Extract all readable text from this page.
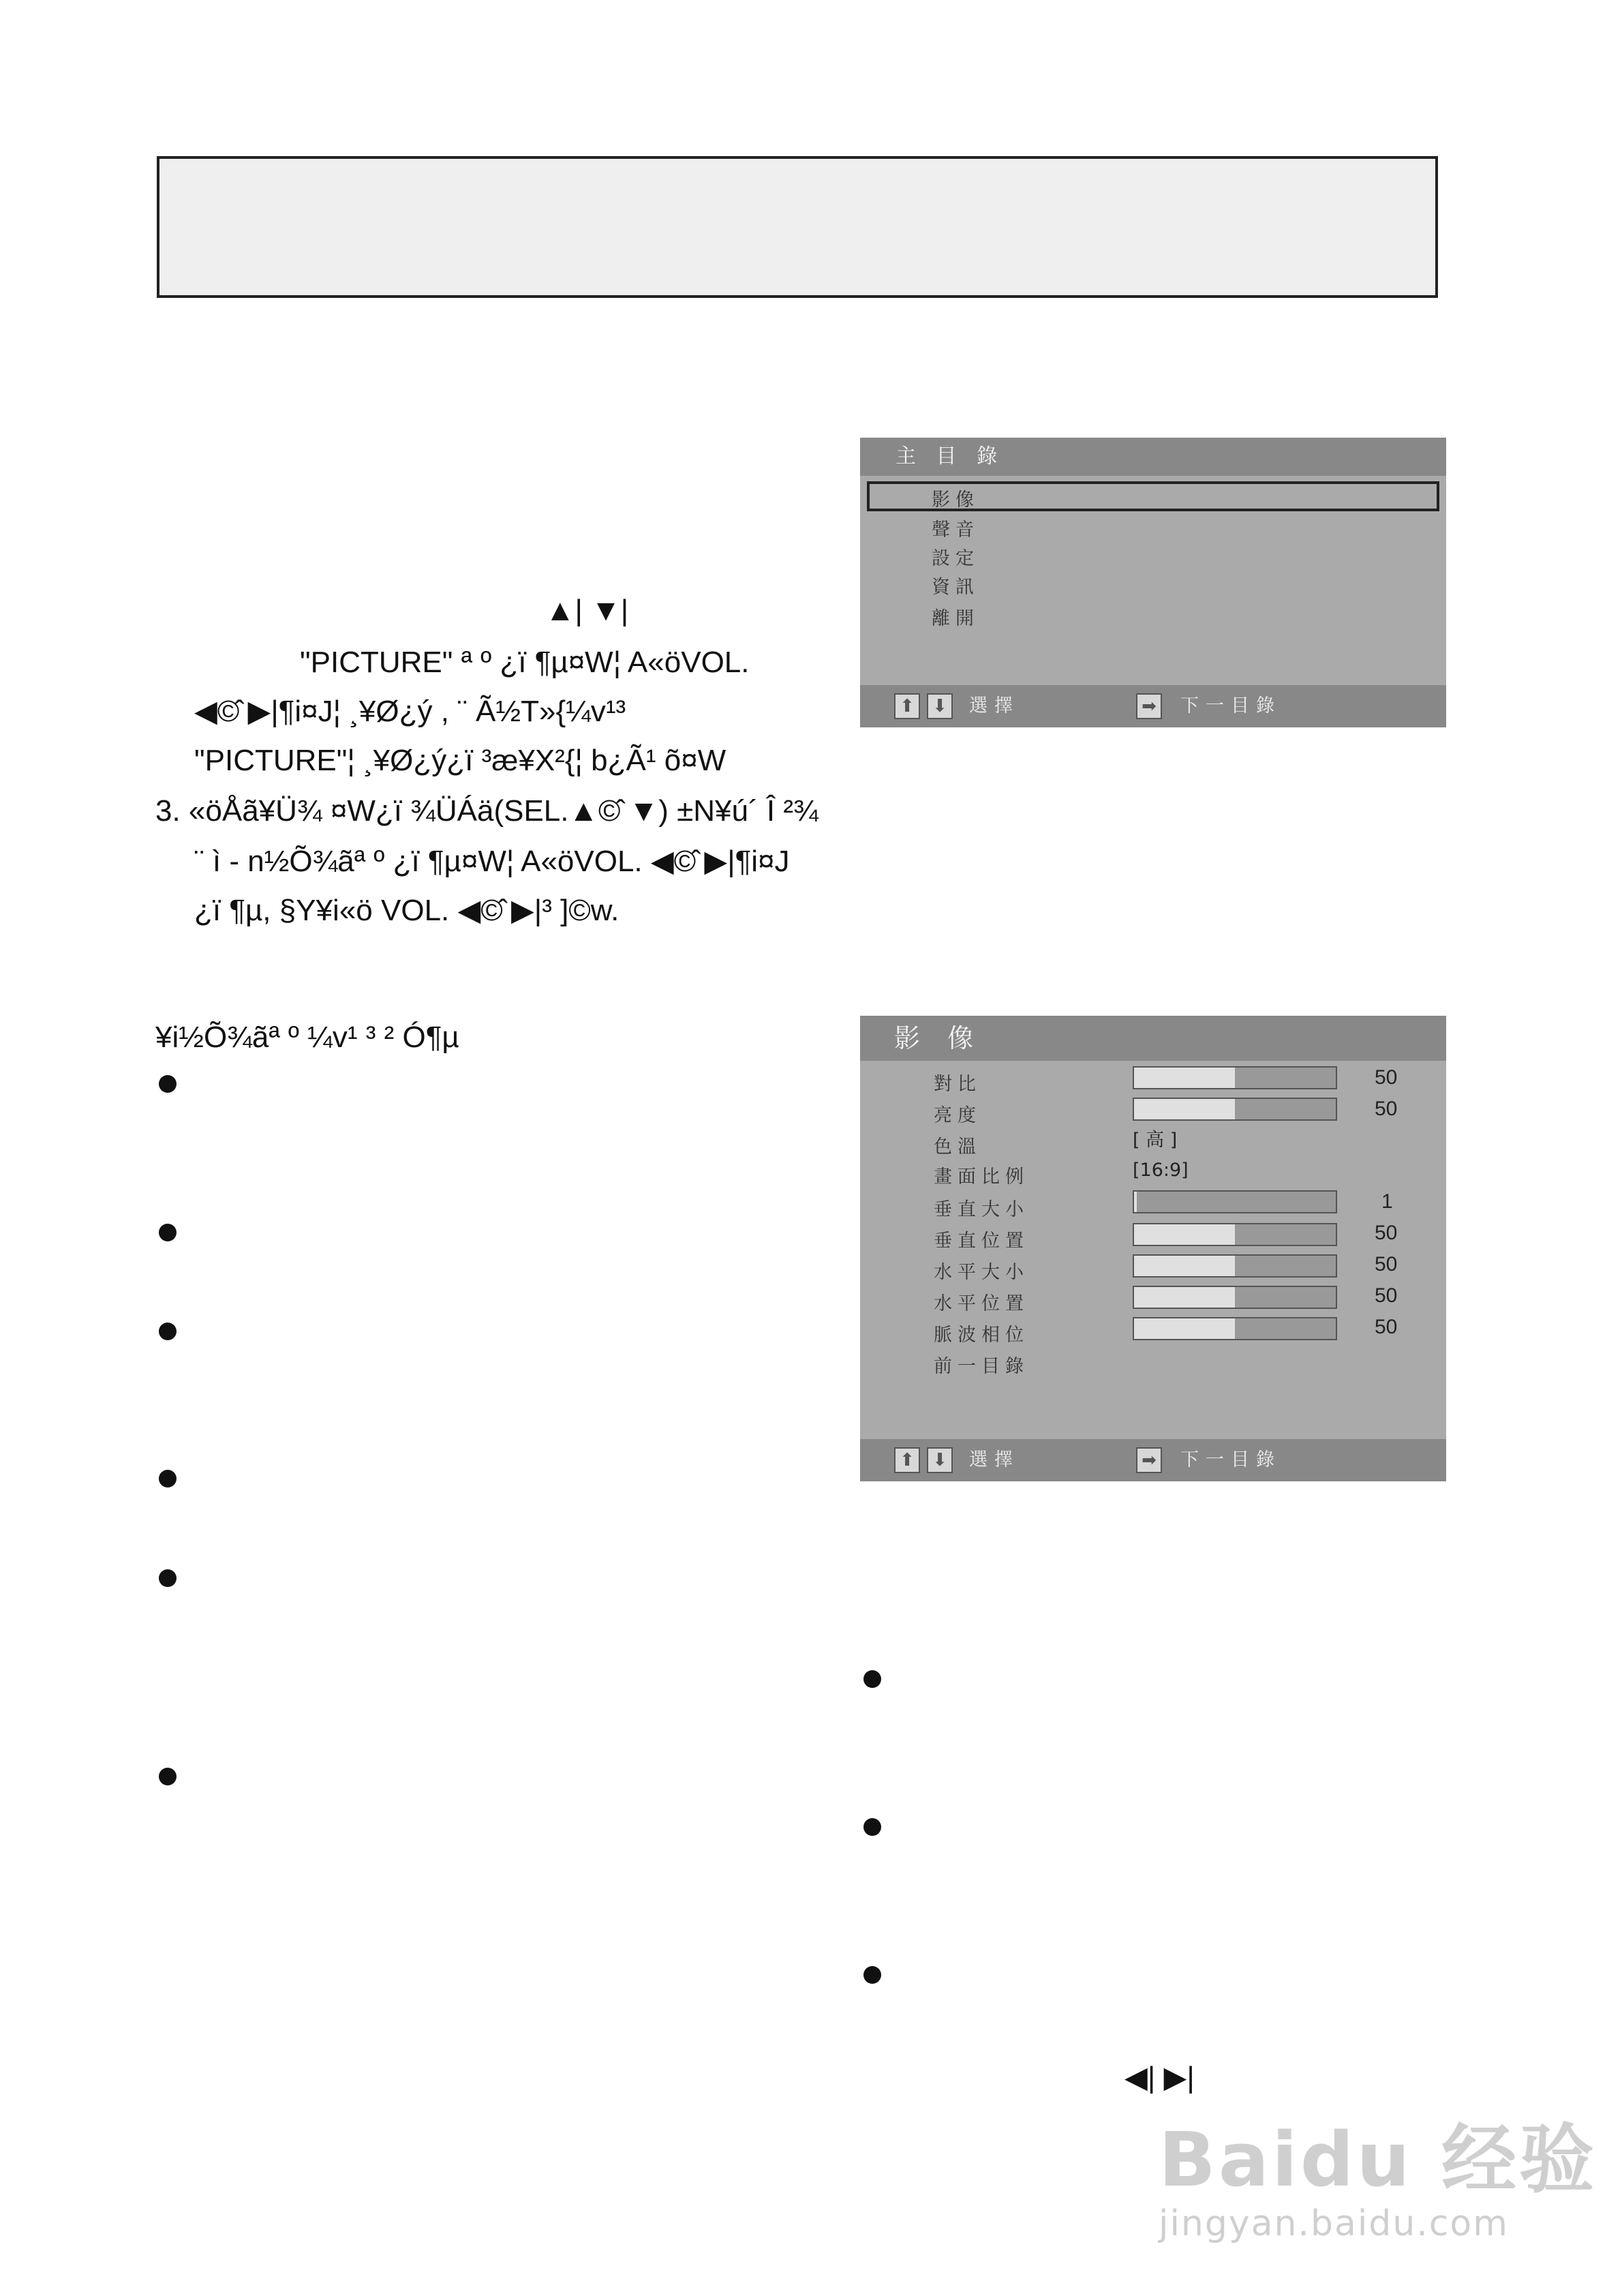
▲| ▼|
"PICTURE" ª º ¿ï ¶µ¤W¦ A«öVOL.
◀©̂ ▶|¶i¤J¦ ¸¥Ø¿ý , ¨ Ã½T»{¼v¹³
"PICTURE"¦ ¸¥Ø¿ý¿ï ³æ¥X²{¦ b¿Ã¹ õ¤W
3. «öÅã¥Ü¾ ¤W¿ï ¾ÜÁä(SEL.▲©̂ ▼) ±N¥ú´ Î ²¾
¨ ì - n½Õ¾ãª º ¿ï ¶µ¤W¦ A«öVOL. ◀©̂ ▶|¶i¤J
¿ï ¶µ, §Y¥i«ö VOL. ◀©̂ ▶|³ ]©w.
¥i½Õ¾ãª º ¼v¹ ³ ² Ó¶µ
◀| ▶|
主 目 錄
影像
聲音
設定
資訊
離開
⬆	⬇	選擇	➡	下一目錄
影 像
對比	50
亮度	50
色溫	[ 高 ]
畫面比例	[16:9]
垂直大小	1
垂直位置	50
水平大小	50
水平位置	50
脈波相位	50
前一目錄
⬆	⬇	選擇	➡	下一目錄
Baidu 经验
jingyan.baidu.com
